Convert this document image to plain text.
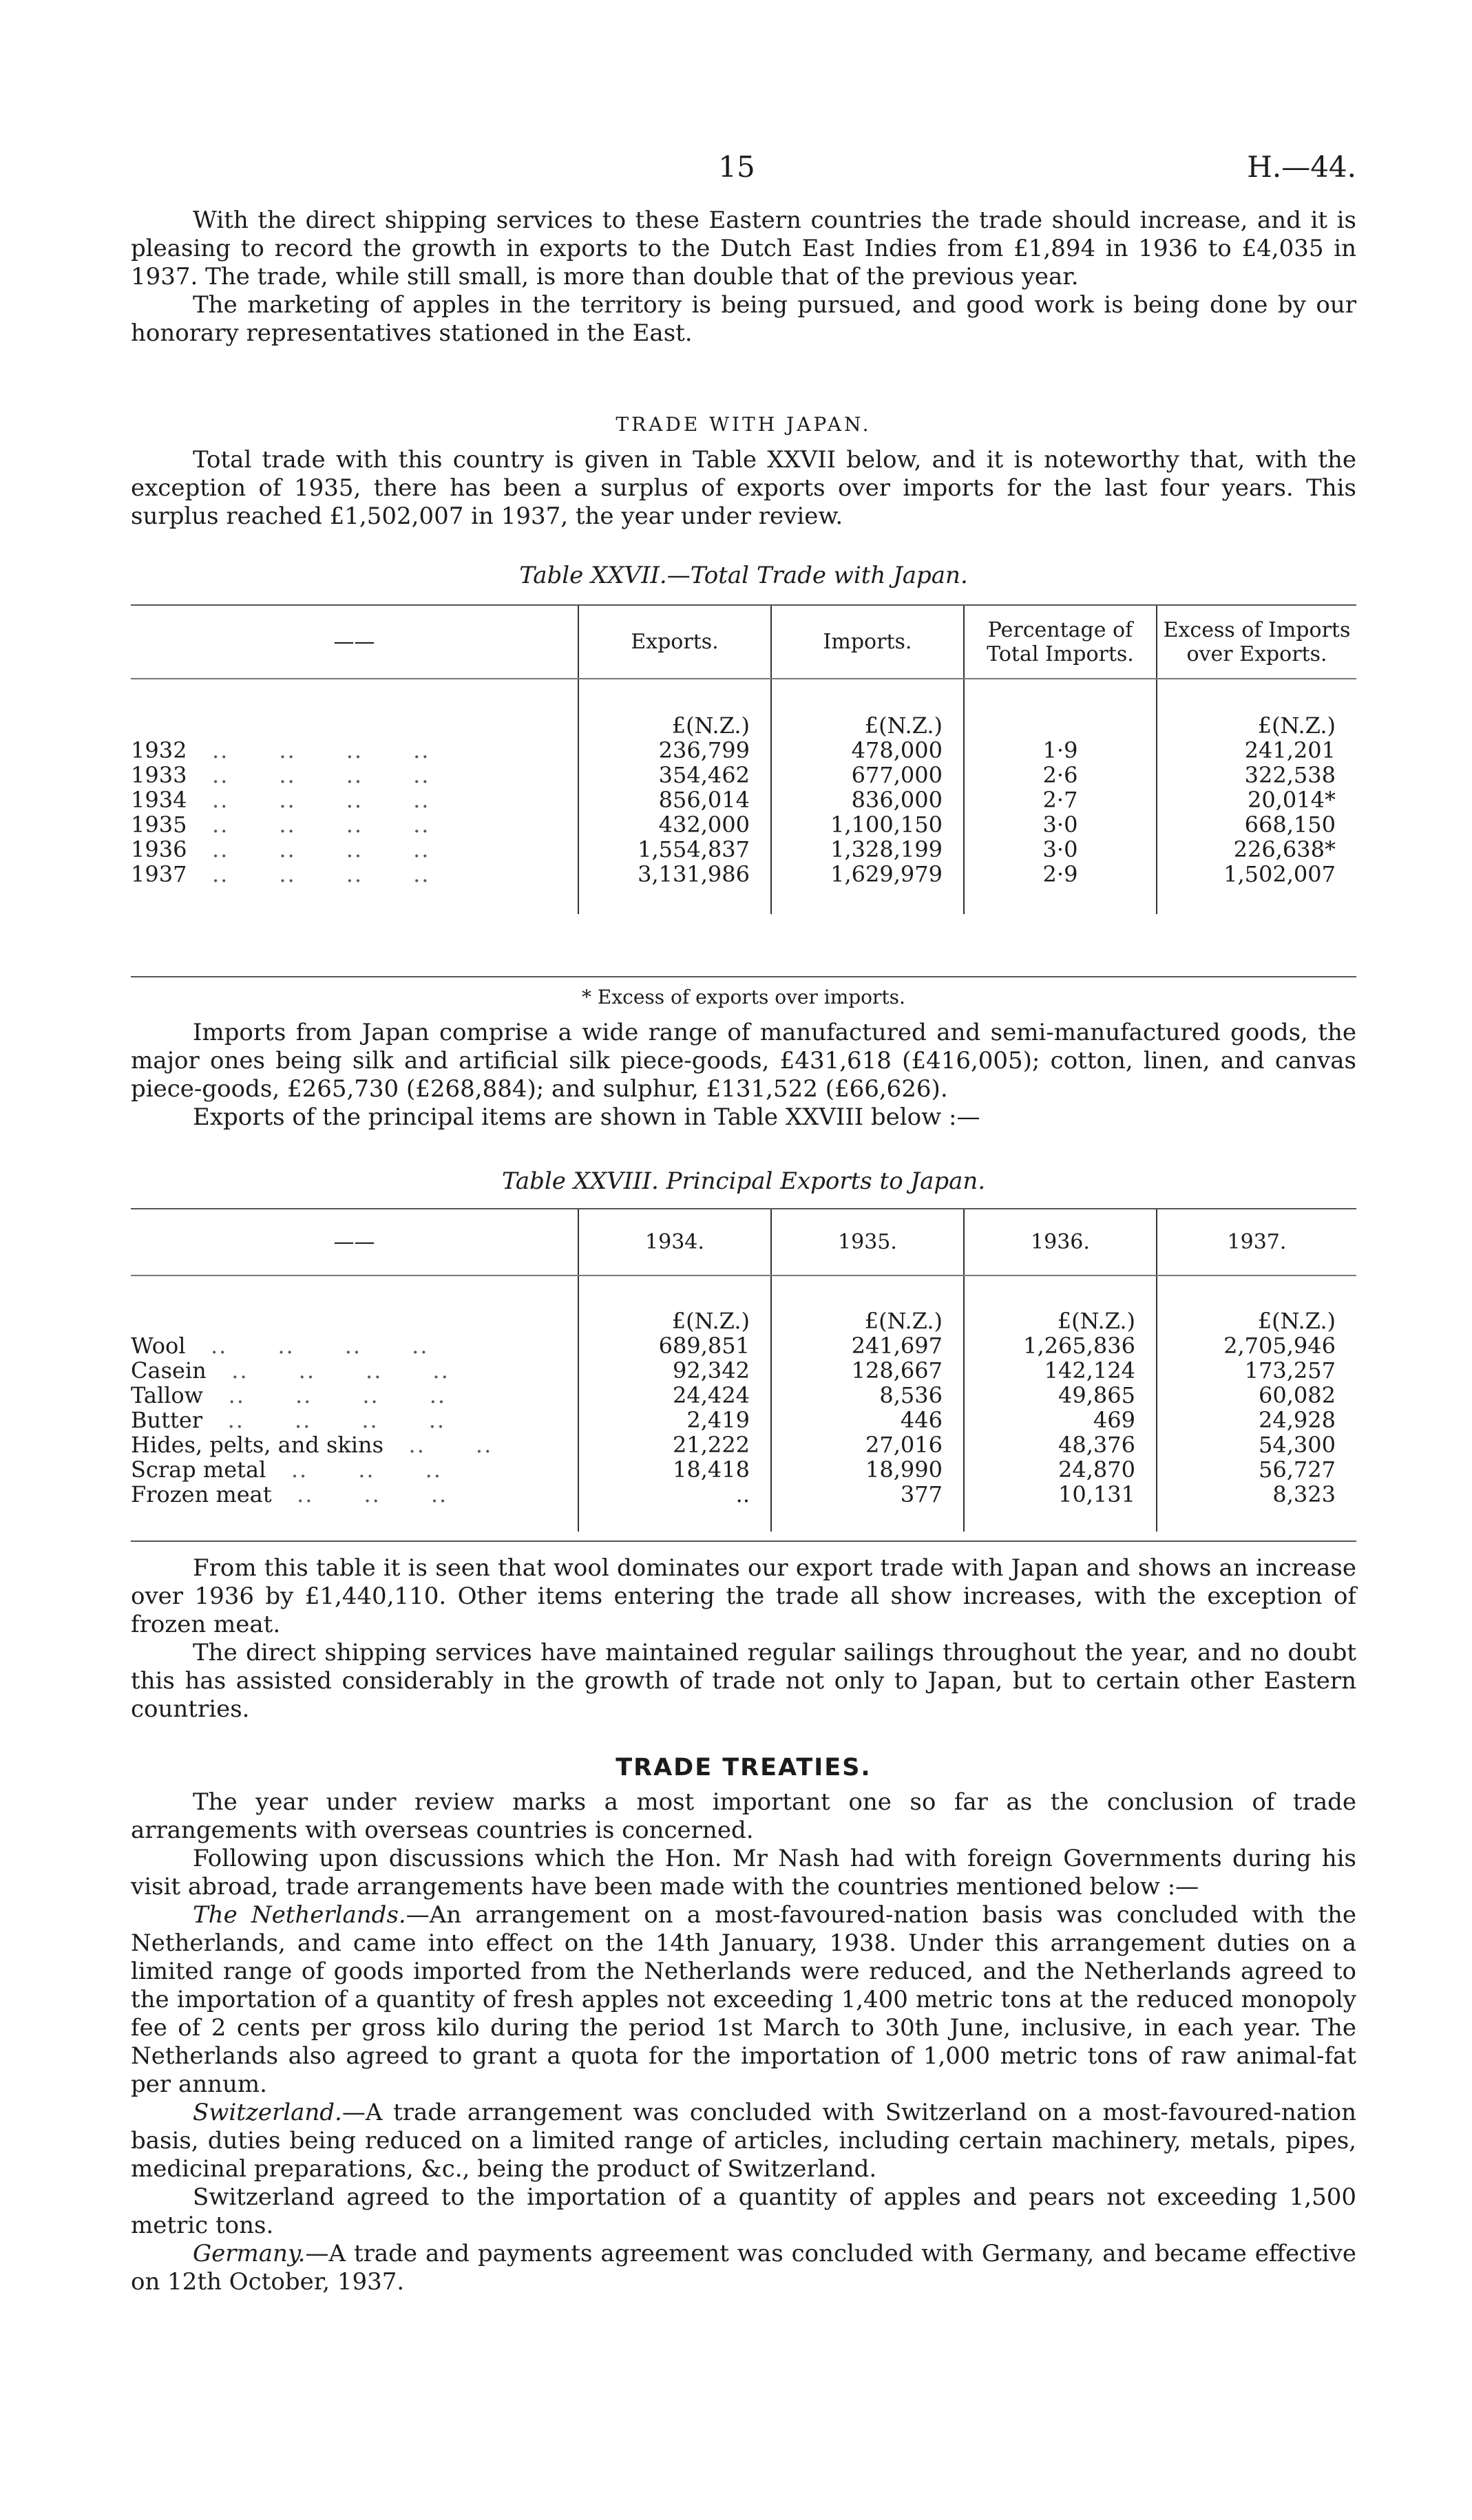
15	H.—44.

With the direct shipping services to these Eastern countries the trade should increase, and it is pleasing to record the growth in exports to the Dutch East Indies from £1,894 in 1936 to £4,035 in 1937. The trade, while still small, is more than double that of the previous year.

The marketing of apples in the territory is being pursued, and good work is being done by our honorary representatives stationed in the East.

TRADE WITH JAPAN.

Total trade with this country is given in Table XXVII below, and it is noteworthy that, with the exception of 1935, there has been a surplus of exports over imports for the last four years. This surplus reached £1,502,007 in 1937, the year under review.

Table XXVII.—Total Trade with Japan.
——	Exports.	Imports.	Percentage of Total Imports.	Excess of Imports over Exports.

	£(N.Z.)	£(N.Z.)		£(N.Z.)
1932   ..      ..      ..      ..	236,799	478,000	1·9	241,201
1933   ..      ..      ..      ..	354,462	677,000	2·6	322,538
1934   ..      ..      ..      ..	856,014	836,000	2·7	20,014*
1935   ..      ..      ..      ..	432,000	1,100,150	3·0	668,150
1936   ..      ..      ..      ..	1,554,837	1,328,199	3·0	226,638*
1937   ..      ..      ..      ..	3,131,986	1,629,979	2·9	1,502,007

* Excess of exports over imports.

Imports from Japan comprise a wide range of manufactured and semi-manufactured goods, the major ones being silk and artificial silk piece-goods, £431,618 (£416,005); cotton, linen, and canvas piece-goods, £265,730 (£268,884); and sulphur, £131,522 (£66,626).

Exports of the principal items are shown in Table XXVIII below :—

Table XXVIII. Principal Exports to Japan.
——	1934.	1935.	1936.	1937.

	£(N.Z.)	£(N.Z.)	£(N.Z.)	£(N.Z.)
Wool   ..      ..      ..      ..	689,851	241,697	1,265,836	2,705,946
Casein   ..      ..      ..      ..	92,342	128,667	142,124	173,257
Tallow   ..      ..      ..      ..	24,424	8,536	49,865	60,082
Butter   ..      ..      ..      ..	2,419	446	469	24,928
Hides, pelts, and skins   ..      ..	21,222	27,016	48,376	54,300
Scrap metal   ..      ..      ..	18,418	18,990	24,870	56,727
Frozen meat   ..      ..      ..	..	377	10,131	8,323

From this table it is seen that wool dominates our export trade with Japan and shows an increase over 1936 by £1,440,110. Other items entering the trade all show increases, with the exception of frozen meat.

The direct shipping services have maintained regular sailings throughout the year, and no doubt this has assisted considerably in the growth of trade not only to Japan, but to certain other Eastern countries.

TRADE TREATIES.

The year under review marks a most important one so far as the conclusion of trade arrangements with overseas countries is concerned.

Following upon discussions which the Hon. Mr Nash had with foreign Governments during his visit abroad, trade arrangements have been made with the countries mentioned below :—

The Netherlands.—An arrangement on a most-favoured-nation basis was concluded with the Netherlands, and came into effect on the 14th January, 1938. Under this arrangement duties on a limited range of goods imported from the Netherlands were reduced, and the Netherlands agreed to the importation of a quantity of fresh apples not exceeding 1,400 metric tons at the reduced monopoly fee of 2 cents per gross kilo during the period 1st March to 30th June, inclusive, in each year. The Netherlands also agreed to grant a quota for the importation of 1,000 metric tons of raw animal-fat per annum.

Switzerland.—A trade arrangement was concluded with Switzerland on a most-favoured-nation basis, duties being reduced on a limited range of articles, including certain machinery, metals, pipes, medicinal preparations, &c., being the product of Switzerland.

Switzerland agreed to the importation of a quantity of apples and pears not exceeding 1,500 metric tons.

Germany.—A trade and payments agreement was concluded with Germany, and became effective on 12th October, 1937.
